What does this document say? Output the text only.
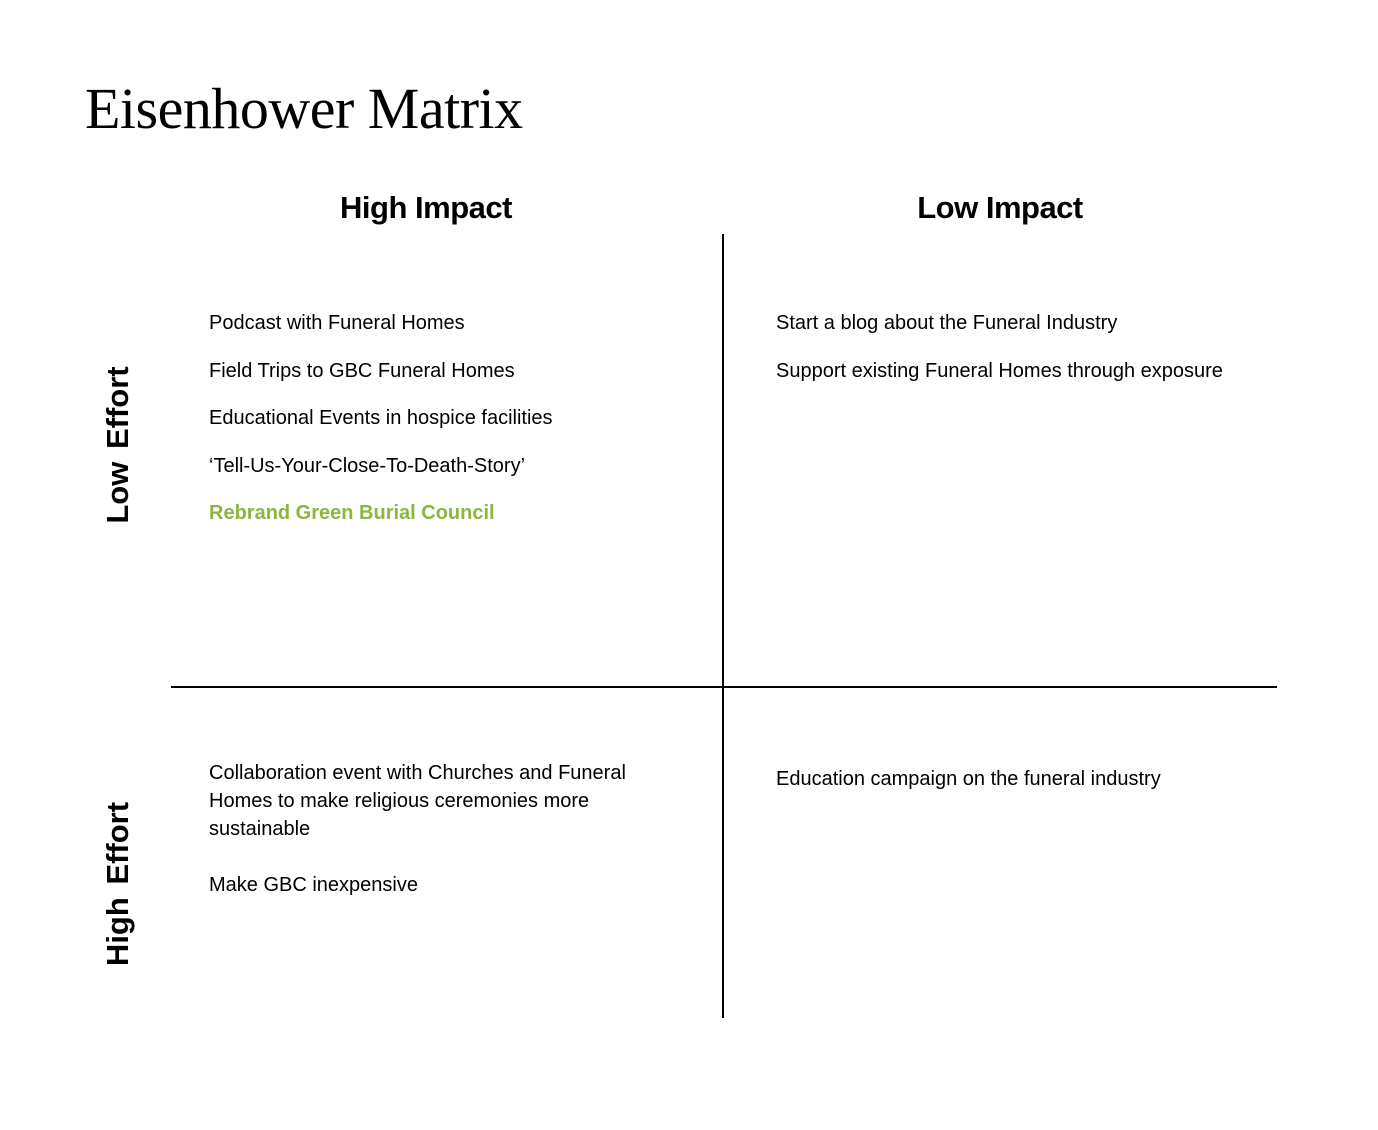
Eisenhower Matrix
High Impact	Low Impact
Low Effort
High Effort
Podcast with Funeral Homes
Field Trips to GBC Funeral Homes
Educational Events in hospice facilities
‘Tell-Us-Your-Close-To-Death-Story’
Rebrand Green Burial Council
Start a blog about the Funeral Industry
Support existing Funeral Homes through exposure
Collaboration event with Churches and Funeral Homes to make religious ceremonies more sustainable
Make GBC inexpensive
Education campaign on the funeral industry
